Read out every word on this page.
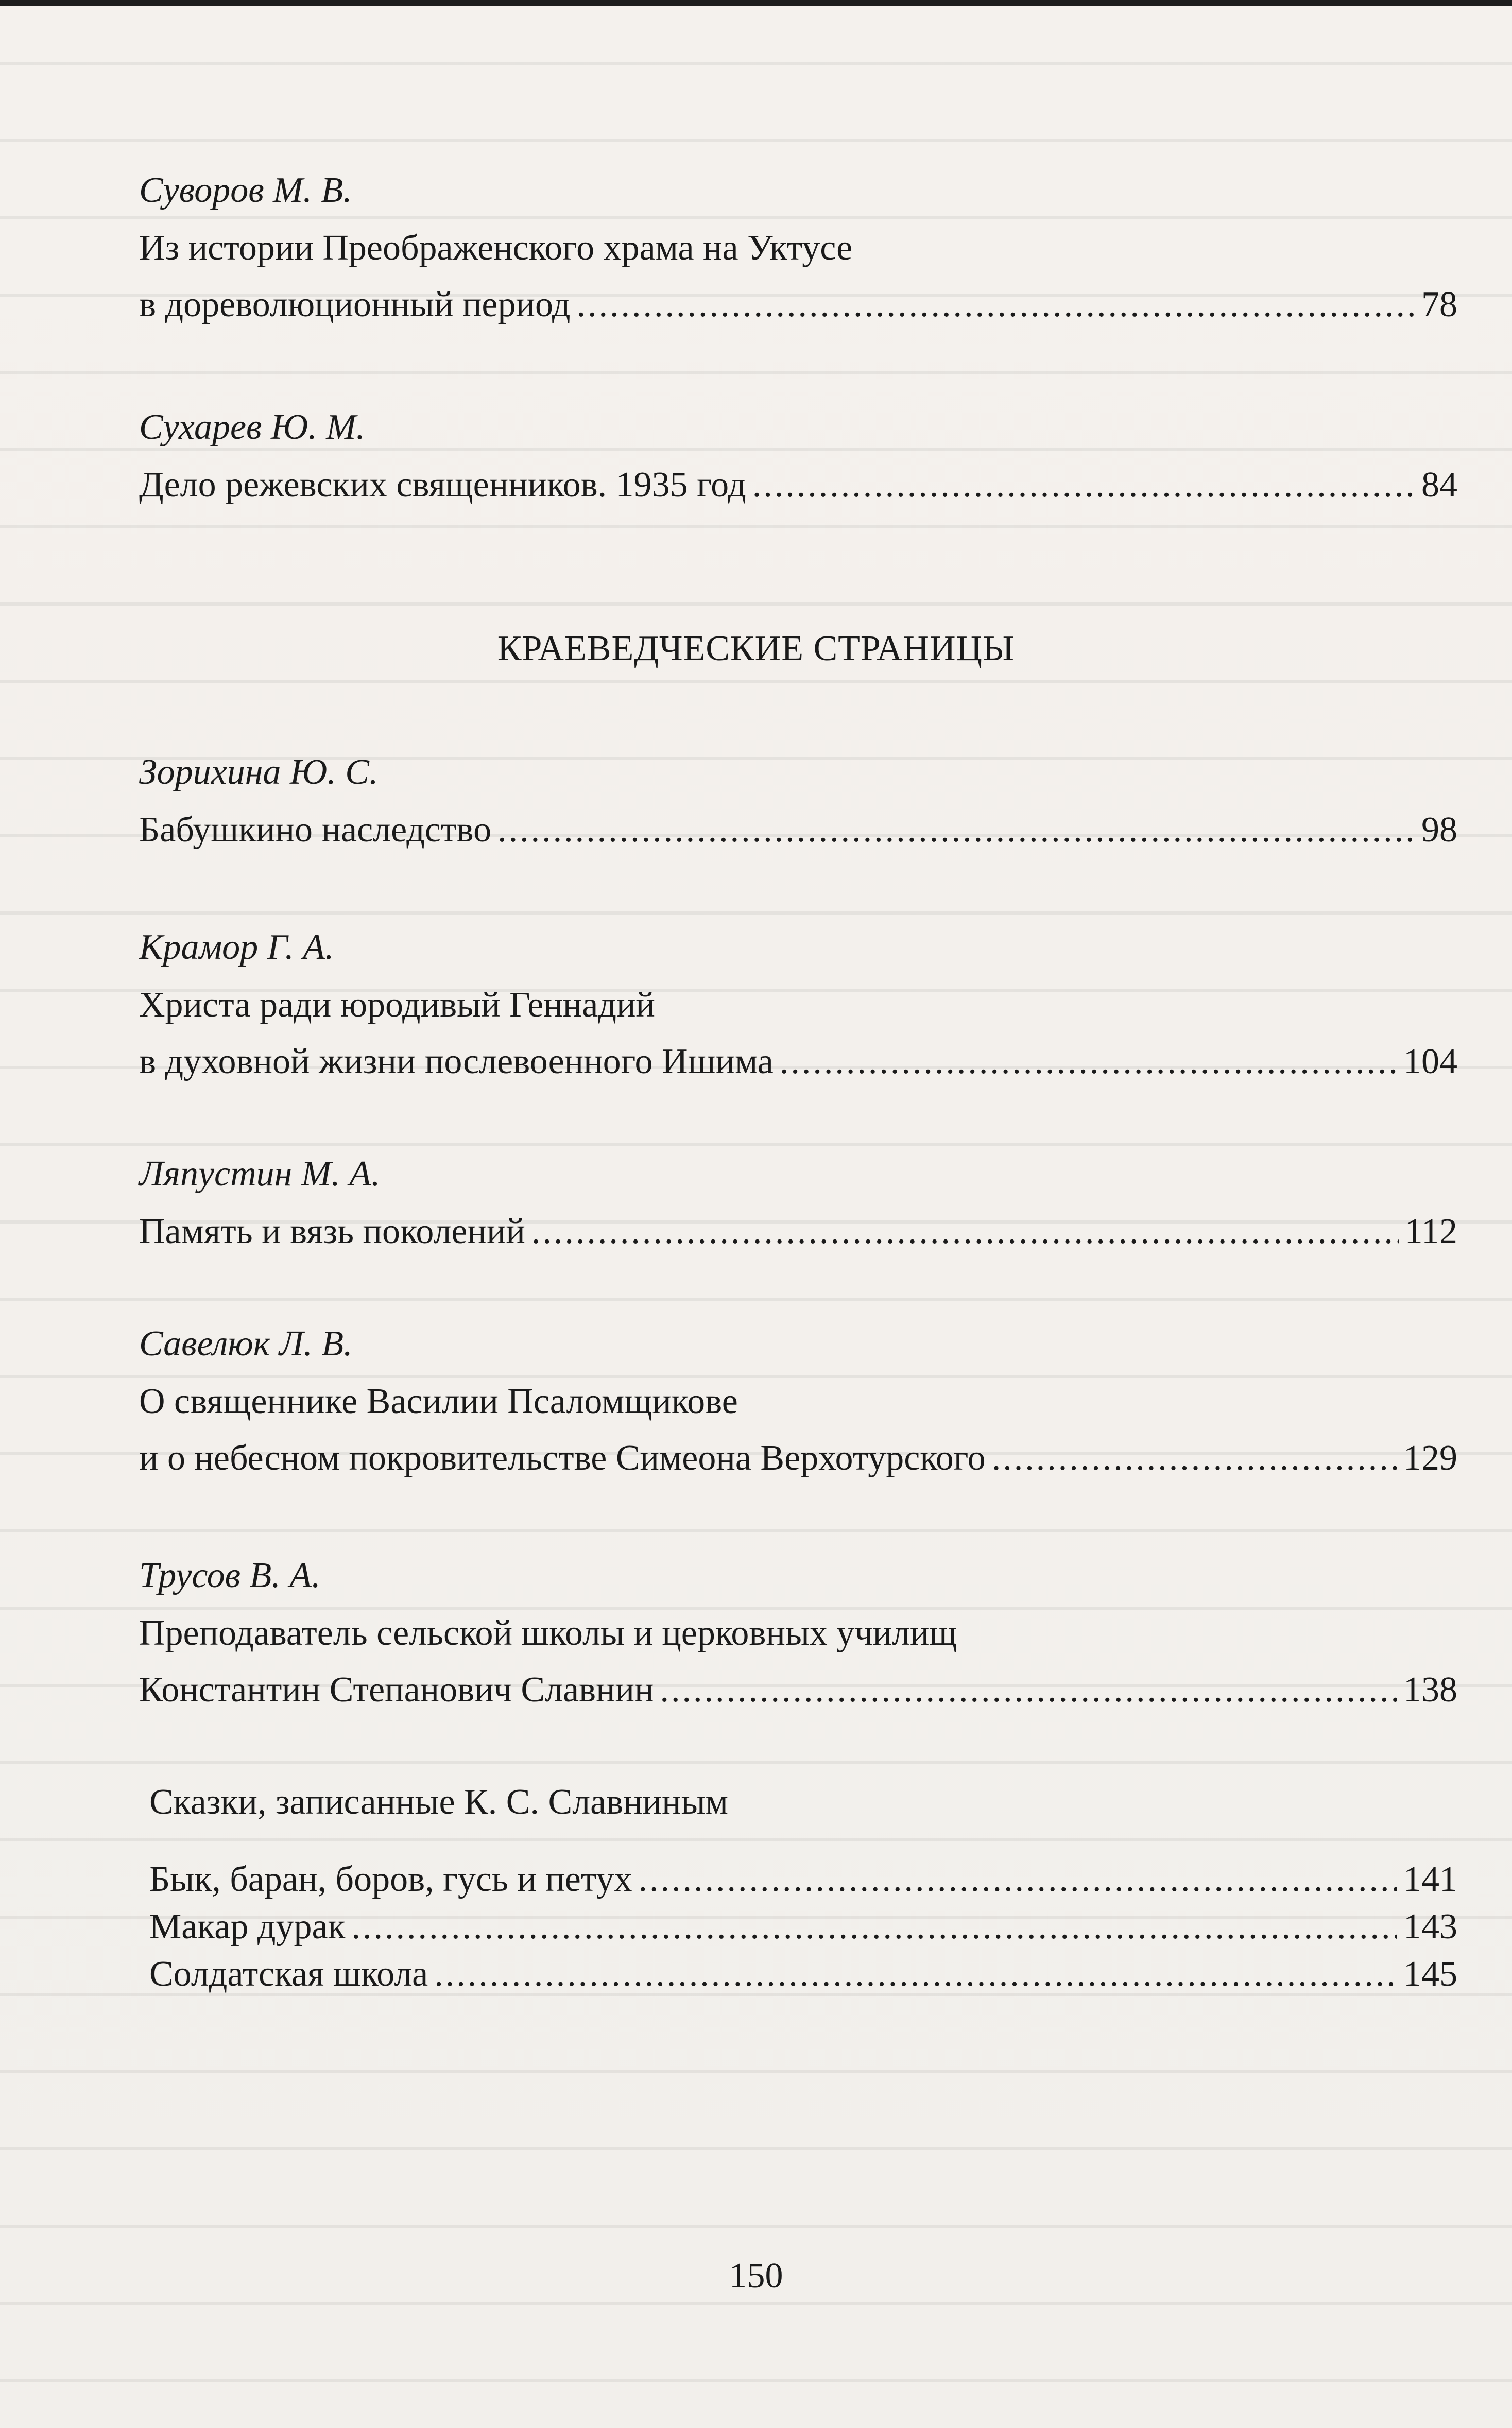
Суворов М. В.
Из истории Преображенского храма на Уктусе
в дореволюционный период .....	78
Сухарев Ю. М.
Дело режевских священников. 1935 год .....	84
КРАЕВЕДЧЕСКИЕ СТРАНИЦЫ
Зорихина Ю. С.
Бабушкино наследство .....	98
Крамор Г. А.
Христа ради юродивый Геннадий
в духовной жизни послевоенного Ишима .....	104
Ляпустин М. А.
Память и вязь поколений .....	112
Савелюк Л. В.
О священнике Василии Псаломщикове
и о небесном покровительстве Симеона Верхотурского .....	129
Трусов В. А.
Преподаватель сельской школы и церковных училищ
Константин Степанович Славнин .....	138
Сказки, записанные К. С. Славниным
Бык, баран, боров, гусь и петух .....	141
Макар дурак .....	143
Солдатская школа .....	145
150
